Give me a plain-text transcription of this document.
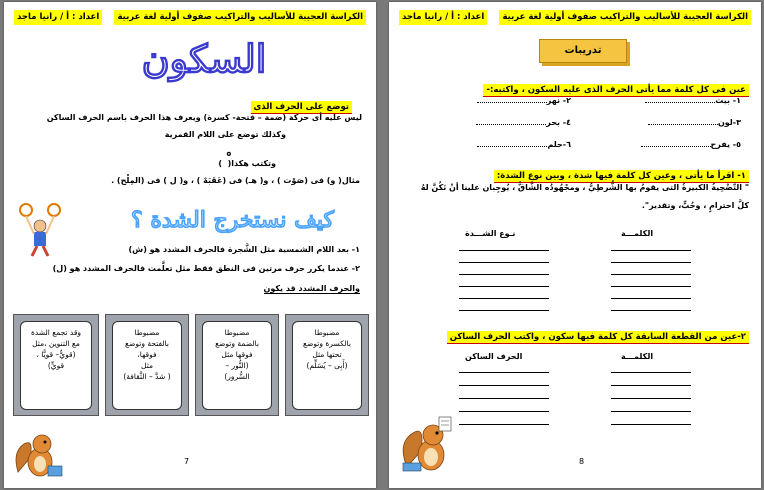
الكراسة العجيبة للأساليب والتراكيب صفوف أولية لغة عربية
اعداد : أ / رانيا ماجد
السكون
توضع على الحرف الذى
ليس عليه أى حركة (ضمة – فتحة- كسرة) ويعرف هذا الحرف باسم الحرف الساكن
وكذلك توضع على اللام القمرية
وتكتب هكذا( )
مثال( و) فى (صَوْت ) ، و( هـ) فى (عَقَبَهْ ) ، و( ل ) فى (المِلْح) .
كيف نستخرج الشدة ؟
١- بعد اللام الشمسية مثل الشَّجرة فالحرف المشدد هو (ش)
٢- عندما يكرر حرف مرتين فى النطق فقط مثل تعلَّمت فالحرف المشدد هو (ل)
والحرف المشدد قد يكون
مضبوطا
بالكسرة وتوضع
تحتها مثل
(أَبِى – يُسَلِّم)
مضبوطا
بالضمة وتوضع
فوقها مثل
(النُّور –
السُّرور)
مضبوطا
بالفتحة وتوضع
فوقها،
مثل
( شدَّ – الثَّقافة)
وقد تجمع الشدة
مع التنوين ،مثل
(قويٌّ– قويًّا ،
قويٍّ)
7
الكراسة العجيبة للأساليب والتراكيب صفوف أولية لغة عربية
اعداد : أ / رانيا ماجد
تدريبات
عين فى كل كلمة مما يأتى الحرف الذى عليه السكون ، واكتبه:-
١- بيت
٢- نهر
٣-لون
٤- بحر
٥- يفرح
٦-حلم
١- اقرأ ما يأتى ، وعين كل كلمة فيها شدة ، وبين نوع الشدة:
" التَّضْحِيةُ الكبيرةُ التى يقومُ بها الشُّرطِيُّ ، ومجْهُودُه الشَّاقُّ ، يُوجِبان علينا أنْ نَكُنَّ لهُ
كلَّ احترامٍ ، وحُبٍّ، وتقدير".
الكلمـــة
نـوع الشـــدة
٢-عين من القطعة السابقة كل كلمة فيها سكون ، واكتب الحرف الساكن
الكلمـــة
الحرف الساكن
8
